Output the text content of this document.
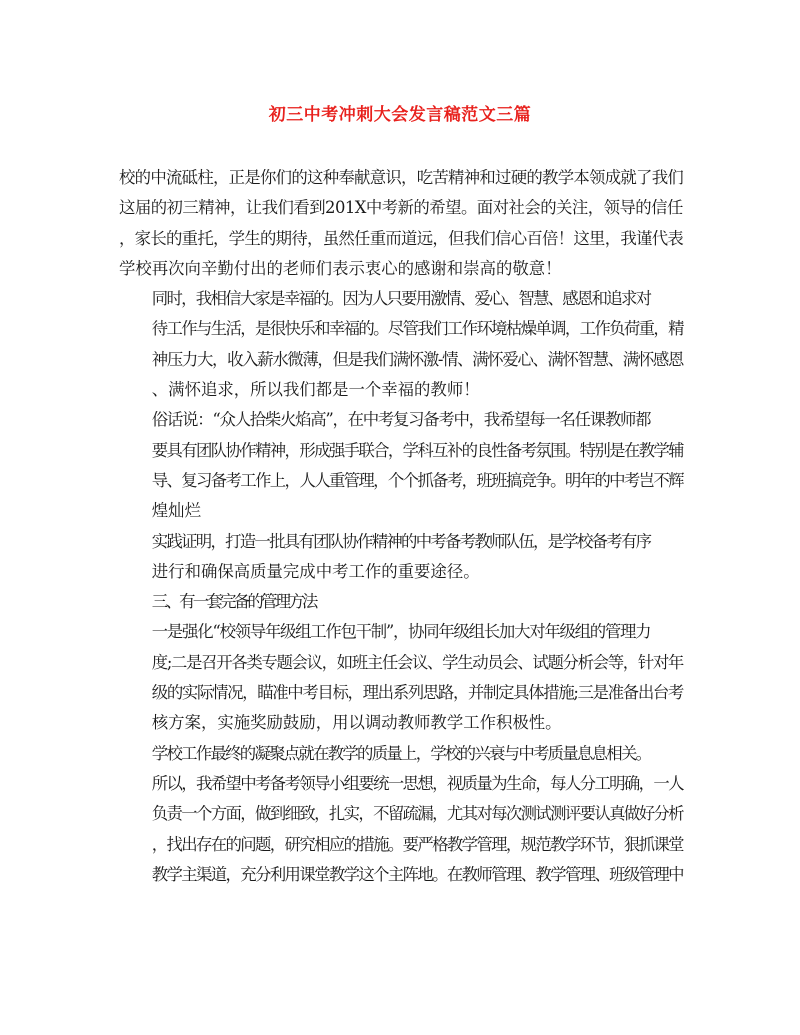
初三中考冲刺大会发言稿范文三篇

校的中流砥柱，正是你们的这种奉献意识，吃苦精神和过硬的教学本领成就了我们
这届的初三精神，让我们看到201X中考新的希望。面对社会的关注，领导的信任
，家长的重托，学生的期待，虽然任重而道远，但我们信心百倍！这里，我谨代表
学校再次向辛勤付出的老师们表示衷心的感谢和崇高的敬意！

同时，我相信大家是幸福的。因为人只要用激情、爱心、智慧、感恩和追求对
待工作与生活，是很快乐和幸福的。尽管我们工作环境枯燥单调，工作负荷重，精
神压力大，收入薪水微薄，但是我们满怀激-情、满怀爱心、满怀智慧、满怀感恩
、满怀追求，所以我们都是一个幸福的教师！

俗话说：“众人拾柴火焰高”，在中考复习备考中，我希望每一名任课教师都
要具有团队协作精神，形成强手联合，学科互补的良性备考氛围。特别是在教学辅
导、复习备考工作上，人人重管理，个个抓备考，班班搞竞争。明年的中考岂不辉
煌灿烂

实践证明，打造一批具有团队协作精神的中考备考教师队伍，是学校备考有序
进行和确保高质量完成中考工作的重要途径。

三、有一套完备的管理方法

一是强化“校领导年级组工作包干制”，协同年级组长加大对年级组的管理力
度;二是召开各类专题会议，如班主任会议、学生动员会、试题分析会等，针对年
级的实际情况，瞄准中考目标，理出系列思路，并制定具体措施;三是准备出台考
核方案，实施奖励鼓励，用以调动教师教学工作积极性。

学校工作最终的凝聚点就在教学的质量上，学校的兴衰与中考质量息息相关。
所以，我希望中考备考领导小组要统一思想，视质量为生命，每人分工明确，一人
负责一个方面，做到细致，扎实，不留疏漏，尤其对每次测试测评要认真做好分析
，找出存在的问题，研究相应的措施。要严格教学管理，规范教学环节，狠抓课堂
教学主渠道，充分利用课堂教学这个主阵地。在教师管理、教学管理、班级管理中
